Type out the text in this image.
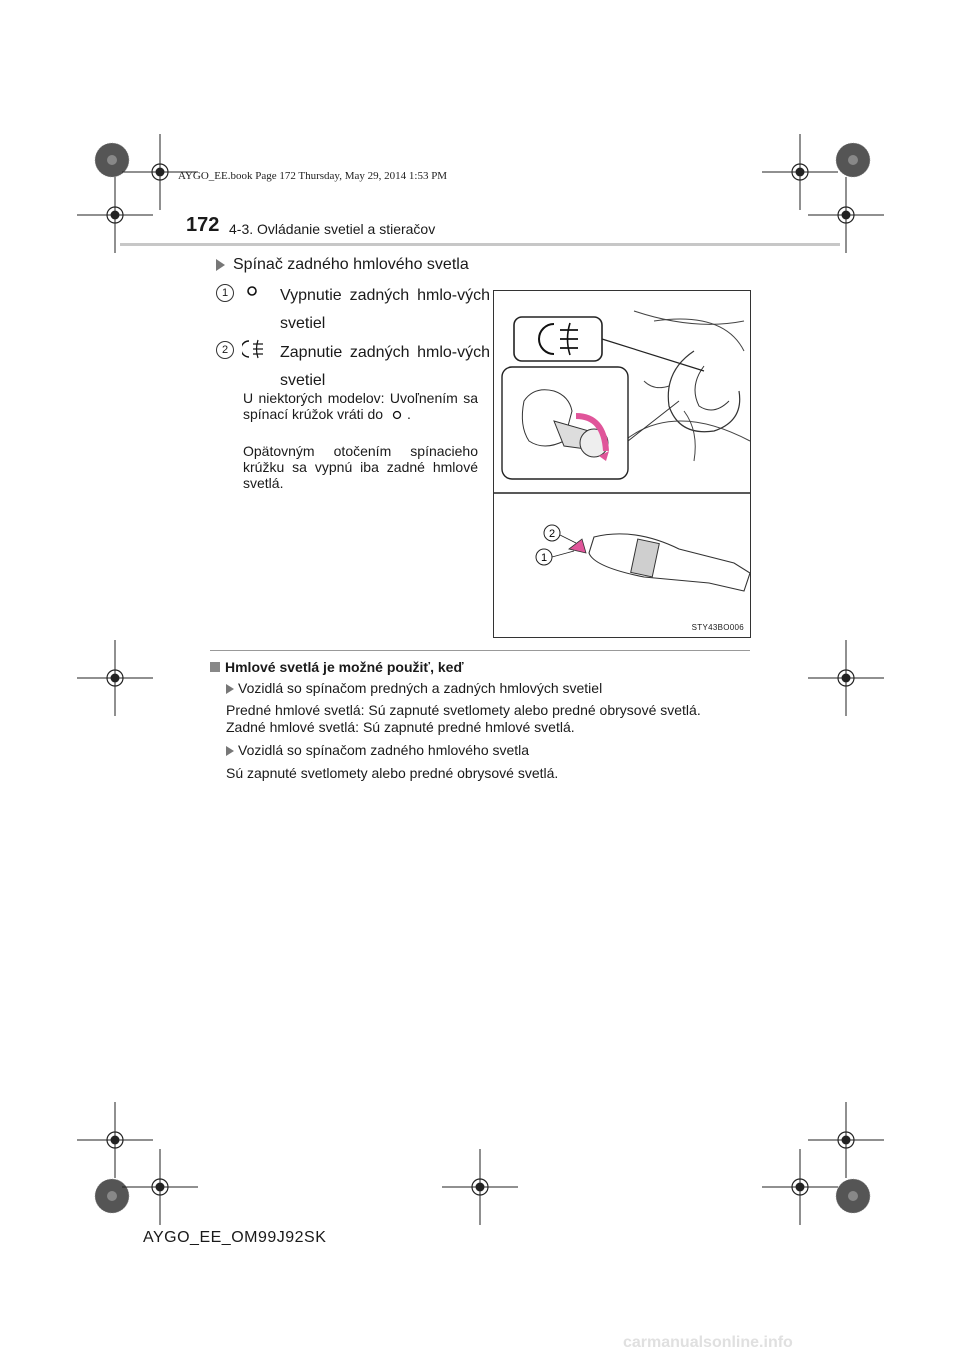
AYGO_EE.book Page 172 Thursday, May 29, 2014 1:53 PM
172 4-3. Ovládanie svetiel a stieračov
Spínač zadného hmlového svetla
1	Vypnutie zadných hmlo-vých svetiel
2	Zapnutie zadných hmlo-vých svetiel
U niektorých modelov: Uvoľnením sa spínací krúžok vráti do .
Opätovným otočením spínacieho krúžku sa vypnú iba zadné hmlové svetlá.
2
1
STY43BO006
Hmlové svetlá je možné použiť, keď
Vozidlá so spínačom predných a zadných hmlových svetiel
Predné hmlové svetlá: Sú zapnuté svetlomety alebo predné obrysové svetlá.
Zadné hmlové svetlá: Sú zapnuté predné hmlové svetlá.
Vozidlá so spínačom zadného hmlového svetla
Sú zapnuté svetlomety alebo predné obrysové svetlá.
AYGO_EE_OM99J92SK
carmanualsonline.info
